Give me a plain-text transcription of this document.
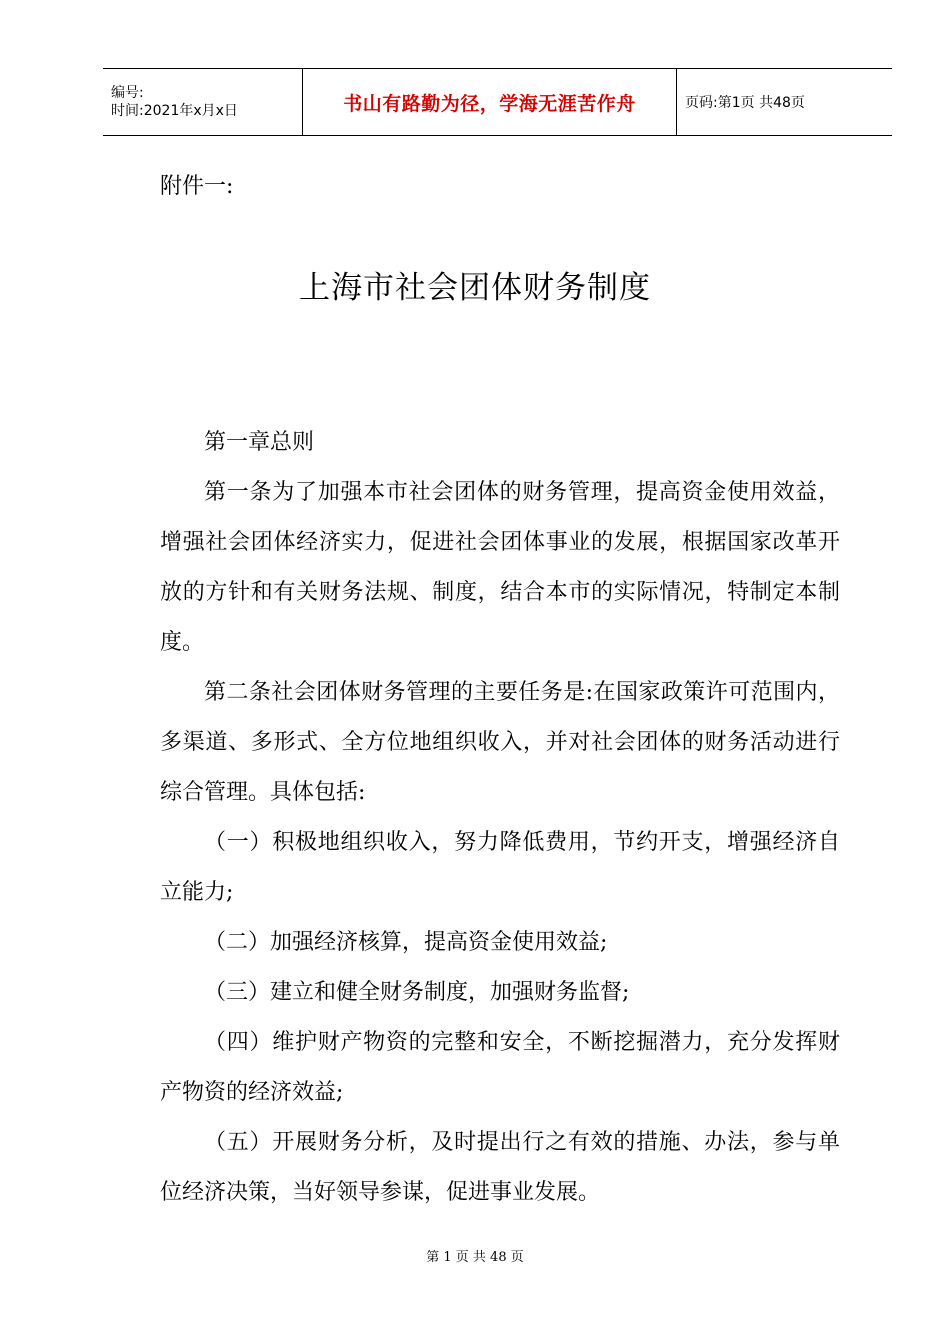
编号:
时间:2021年x月x日	书山有路勤为径，学海无涯苦作舟	页码:第1页 共48页
附件一:
上海市社会团体财务制度

第一章总则

第一条为了加强本市社会团体的财务管理，提高资金使用效益，增强社会团体经济实力，促进社会团体事业的发展，根据国家改革开放的方针和有关财务法规、制度，结合本市的实际情况，特制定本制度。

第二条社会团体财务管理的主要任务是:在国家政策许可范围内，多渠道、多形式、全方位地组织收入，并对社会团体的财务活动进行综合管理。具体包括:

（一）积极地组织收入，努力降低费用，节约开支，增强经济自立能力;

（二）加强经济核算，提高资金使用效益;

（三）建立和健全财务制度，加强财务监督;

（四）维护财产物资的完整和安全，不断挖掘潜力，充分发挥财产物资的经济效益;

（五）开展财务分析，及时提出行之有效的措施、办法，参与单位经济决策，当好领导参谋，促进事业发展。

第 1 页 共 48 页
